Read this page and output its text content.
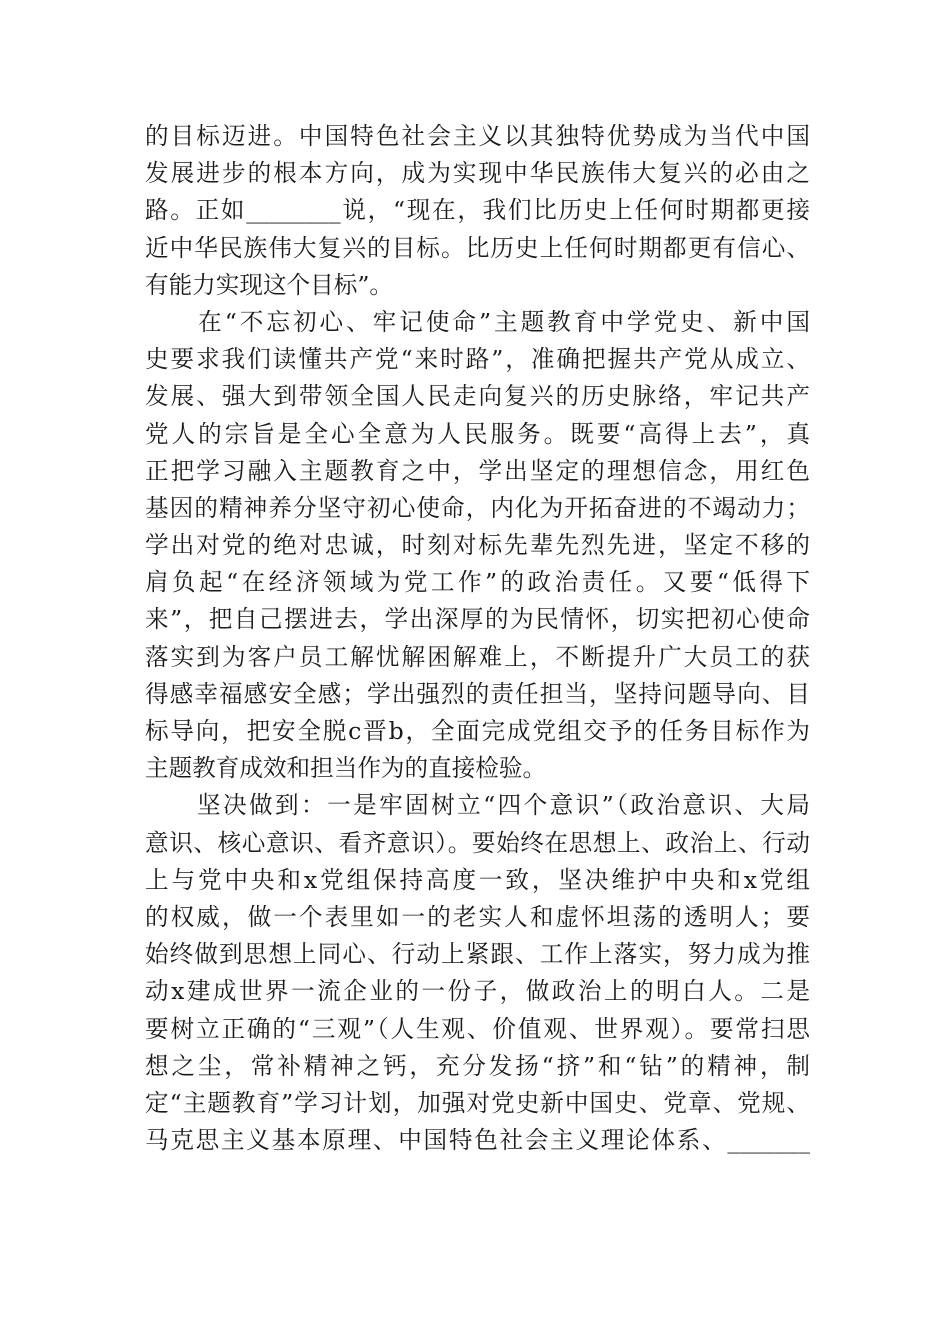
的目标迈进。中国特色社会主义以其独特优势成为当代中国
发展进步的根本方向，成为实现中华民族伟大复兴的必由之
路。正如________说，“现在，我们比历史上任何时期都更接
近中华民族伟大复兴的目标。比历史上任何时期都更有信心、
有能力实现这个目标”。
　　在“不忘初心、牢记使命”主题教育中学党史、新中国
史要求我们读懂共产党“来时路”，准确把握共产党从成立、
发展、强大到带领全国人民走向复兴的历史脉络，牢记共产
党人的宗旨是全心全意为人民服务。既要“高得上去”，真
正把学习融入主题教育之中，学出坚定的理想信念，用红色
基因的精神养分坚守初心使命，内化为开拓奋进的不竭动力；
学出对党的绝对忠诚，时刻对标先辈先烈先进，坚定不移的
肩负起“在经济领域为党工作”的政治责任。又要“低得下
来”，把自己摆进去，学出深厚的为民情怀，切实把初心使命
落实到为客户员工解忧解困解难上，不断提升广大员工的获
得感幸福感安全感；学出强烈的责任担当，坚持问题导向、目
标导向，把安全脱c晋b，全面完成党组交予的任务目标作为
主题教育成效和担当作为的直接检验。
　　坚决做到：一是牢固树立“四个意识”（政治意识、大局
意识、核心意识、看齐意识）。要始终在思想上、政治上、行动
上与党中央和x党组保持高度一致，坚决维护中央和x党组
的权威，做一个表里如一的老实人和虚怀坦荡的透明人；要
始终做到思想上同心、行动上紧跟、工作上落实，努力成为推
动x建成世界一流企业的一份子，做政治上的明白人。二是
要树立正确的“三观”（人生观、价值观、世界观）。要常扫思
想之尘，常补精神之钙，充分发扬“挤”和“钻”的精神，制
定“主题教育”学习计划，加强对党史新中国史、党章、党规、
马克思主义基本原理、中国特色社会主义理论体系、_______
